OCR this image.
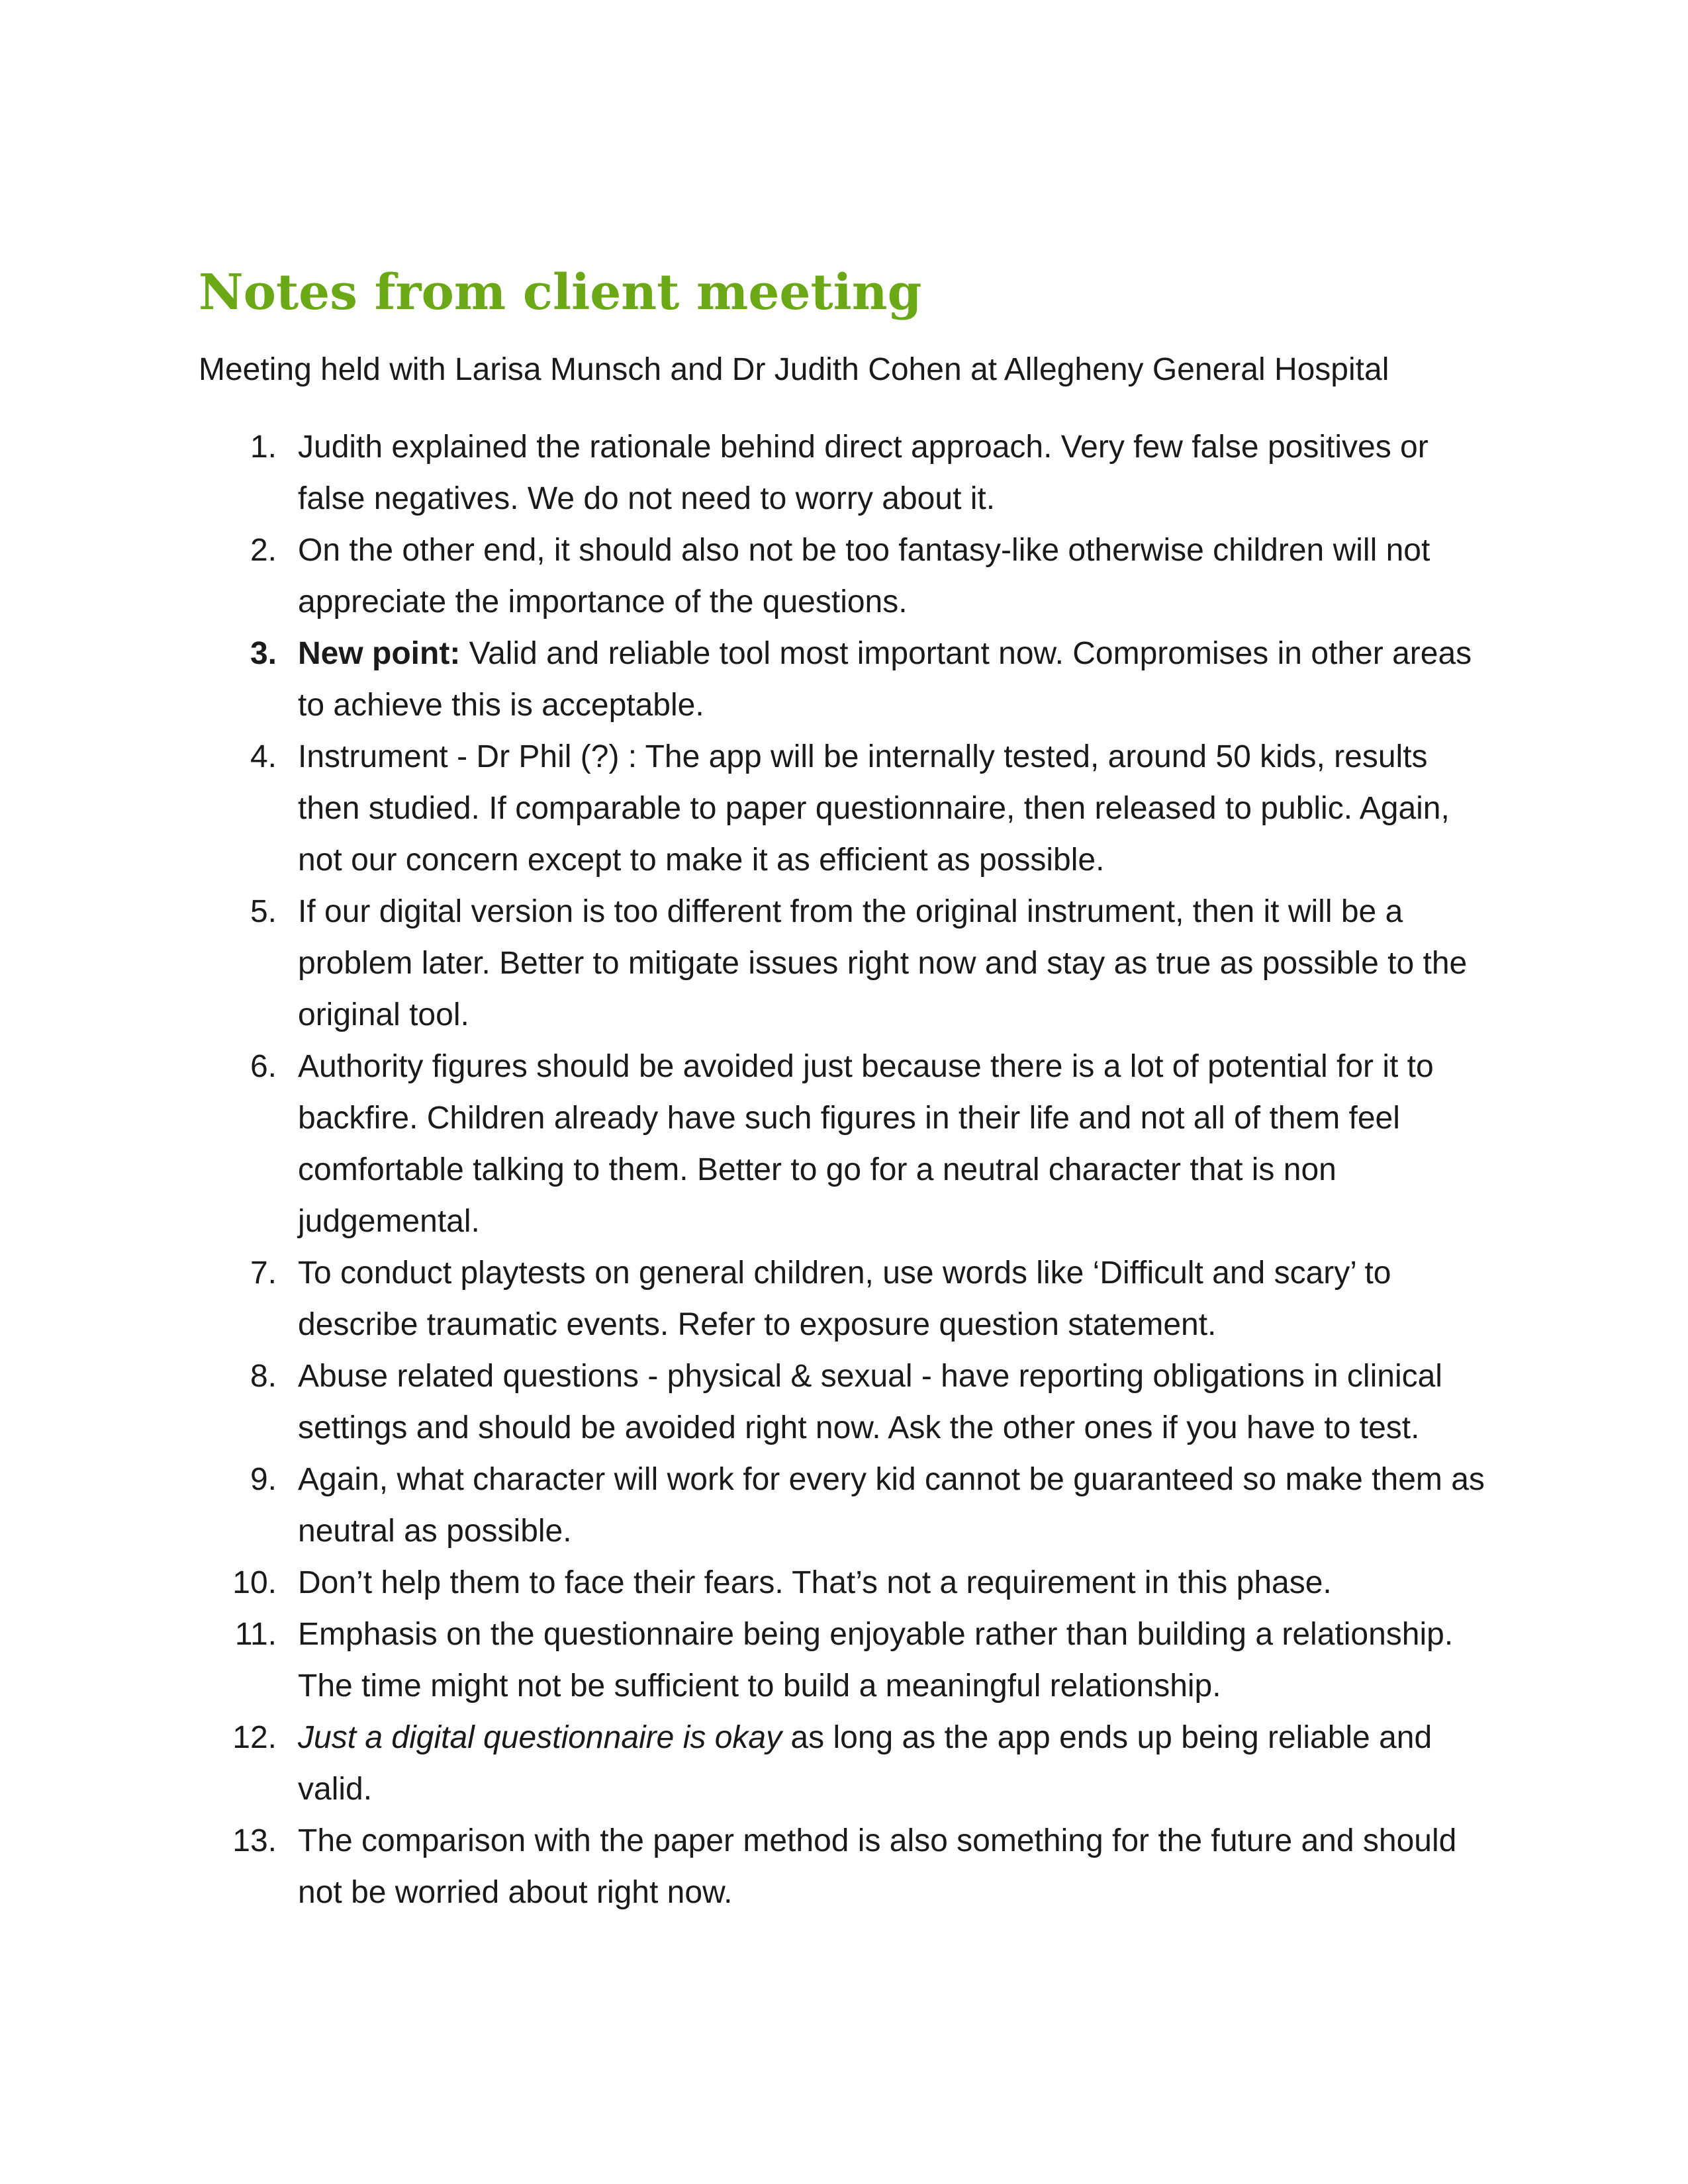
Notes from client meeting

Meeting held with Larisa Munsch and Dr Judith Cohen at Allegheny General Hospital

1. Judith explained the rationale behind direct approach. Very few false positives or false negatives. We do not need to worry about it.
2. On the other end, it should also not be too fantasy-like otherwise children will not appreciate the importance of the questions.
3. New point: Valid and reliable tool most important now. Compromises in other areas to achieve this is acceptable.
4. Instrument - Dr Phil (?) : The app will be internally tested, around 50 kids, results then studied. If comparable to paper questionnaire, then released to public. Again, not our concern except to make it as efficient as possible.
5. If our digital version is too different from the original instrument, then it will be a problem later. Better to mitigate issues right now and stay as true as possible to the original tool.
6. Authority figures should be avoided just because there is a lot of potential for it to backfire. Children already have such figures in their life and not all of them feel comfortable talking to them. Better to go for a neutral character that is non judgemental.
7. To conduct playtests on general children, use words like ‘Difficult and scary’ to describe traumatic events. Refer to exposure question statement.
8. Abuse related questions - physical & sexual - have reporting obligations in clinical settings and should be avoided right now. Ask the other ones if you have to test.
9. Again, what character will work for every kid cannot be guaranteed so make them as neutral as possible.
10. Don’t help them to face their fears. That’s not a requirement in this phase.
11. Emphasis on the questionnaire being enjoyable rather than building a relationship. The time might not be sufficient to build a meaningful relationship.
12. Just a digital questionnaire is okay as long as the app ends up being reliable and valid.
13. The comparison with the paper method is also something for the future and should not be worried about right now.
